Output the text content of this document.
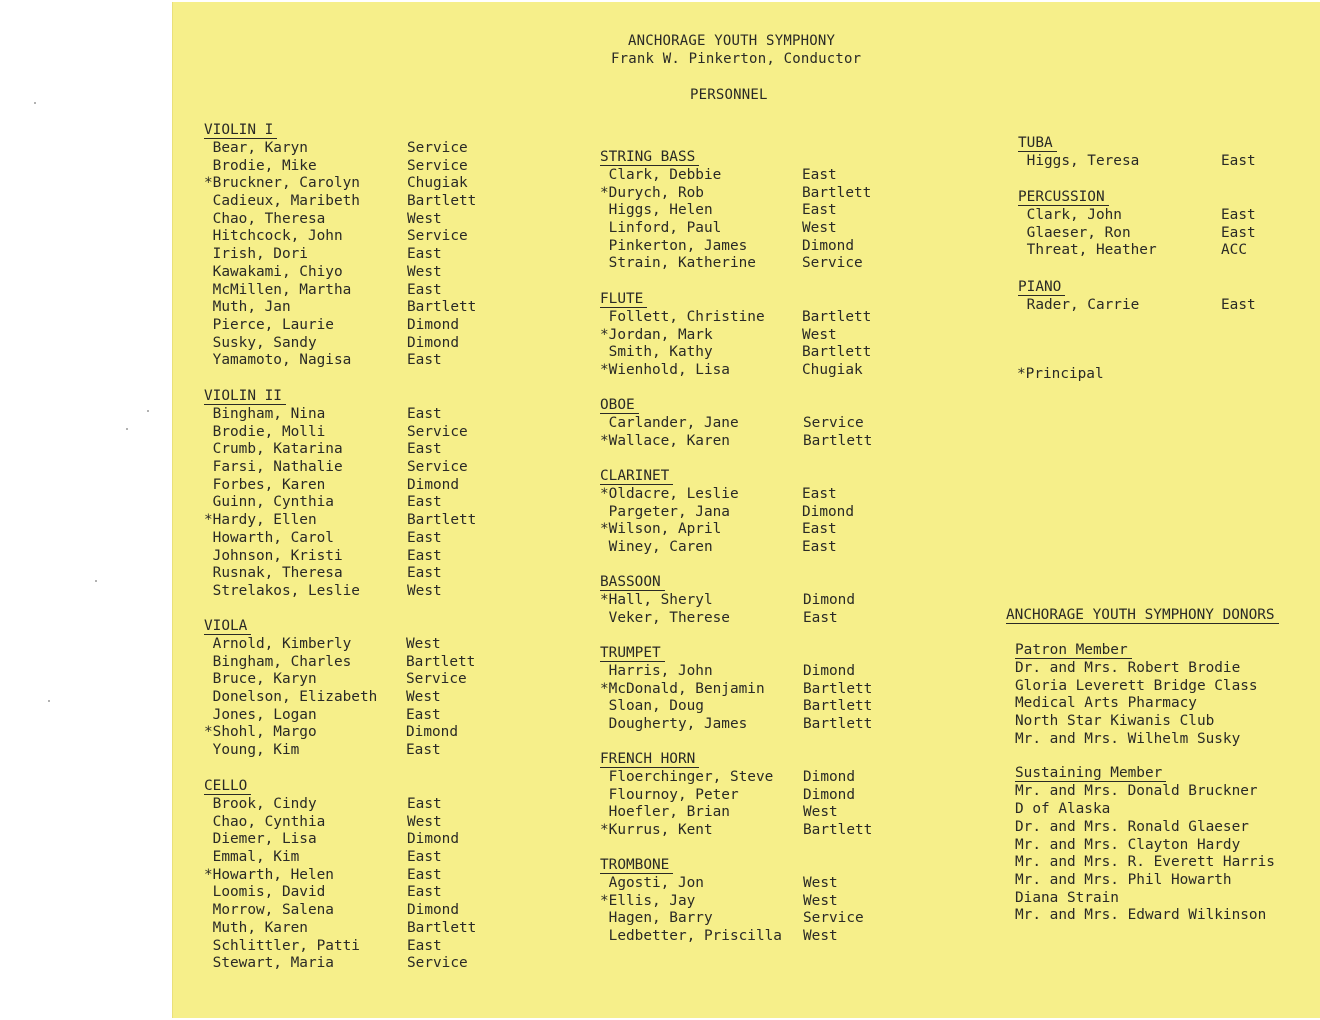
ANCHORAGE YOUTH SYMPHONY
Frank W. Pinkerton, Conductor
PERSONNEL
VIOLIN I
Bear, Karyn	Service
Brodie, Mike	Service
*Bruckner, Carolyn	Chugiak
Cadieux, Maribeth	Bartlett
Chao, Theresa	West
Hitchcock, John	Service
Irish, Dori	East
Kawakami, Chiyo	West
McMillen, Martha	East
Muth, Jan	Bartlett
Pierce, Laurie	Dimond
Susky, Sandy	Dimond
Yamamoto, Nagisa	East
VIOLIN II
Bingham, Nina	East
Brodie, Molli	Service
Crumb, Katarina	East
Farsi, Nathalie	Service
Forbes, Karen	Dimond
Guinn, Cynthia	East
*Hardy, Ellen	Bartlett
Howarth, Carol	East
Johnson, Kristi	East
Rusnak, Theresa	East
Strelakos, Leslie	West
VIOLA
Arnold, Kimberly	West
Bingham, Charles	Bartlett
Bruce, Karyn	Service
Donelson, Elizabeth West
Jones, Logan	East
*Shohl, Margo	Dimond
Young, Kim	East
CELLO
Brook, Cindy	East
Chao, Cynthia	West
Diemer, Lisa	Dimond
Emmal, Kim	East
*Howarth, Helen	East
Loomis, David	East
Morrow, Salena	Dimond
Muth, Karen	Bartlett
Schlittler, Patti	East
Stewart, Maria	Service
STRING BASS
Clark, Debbie	East
*Durych, Rob	Bartlett
Higgs, Helen	East
Linford, Paul	West
Pinkerton, James	Dimond
Strain, Katherine	Service
FLUTE
Follett, Christine	Bartlett
*Jordan, Mark	West
Smith, Kathy	Bartlett
*Wienhold, Lisa	Chugiak
OBOE
Carlander, Jane	Service
*Wallace, Karen	Bartlett
CLARINET
*Oldacre, Leslie	East
Pargeter, Jana	Dimond
*Wilson, April	East
Winey, Caren	East
BASSOON
*Hall, Sheryl	Dimond
Veker, Therese	East
TRUMPET
Harris, John	Dimond
*McDonald, Benjamin	Bartlett
Sloan, Doug	Bartlett
Dougherty, James	Bartlett
FRENCH HORN
Floerchinger, Steve Dimond
Flournoy, Peter	Dimond
Hoefler, Brian	West
*Kurrus, Kent	Bartlett
TROMBONE
Agosti, Jon	West
*Ellis, Jay	West
Hagen, Barry	Service
Ledbetter, Priscilla West
TUBA
Higgs, Teresa	East
PERCUSSION
Clark, John	East
Glaeser, Ron	East
Threat, Heather	ACC
PIANO
Rader, Carrie	East
*Principal
ANCHORAGE YOUTH SYMPHONY DONORS
Patron Member
Dr. and Mrs. Robert Brodie
Gloria Leverett Bridge Class
Medical Arts Pharmacy
North Star Kiwanis Club
Mr. and Mrs. Wilhelm Susky
Sustaining Member
Mr. and Mrs. Donald Bruckner
D of Alaska
Dr. and Mrs. Ronald Glaeser
Mr. and Mrs. Clayton Hardy
Mr. and Mrs. R. Everett Harris
Mr. and Mrs. Phil Howarth
Diana Strain
Mr. and Mrs. Edward Wilkinson
